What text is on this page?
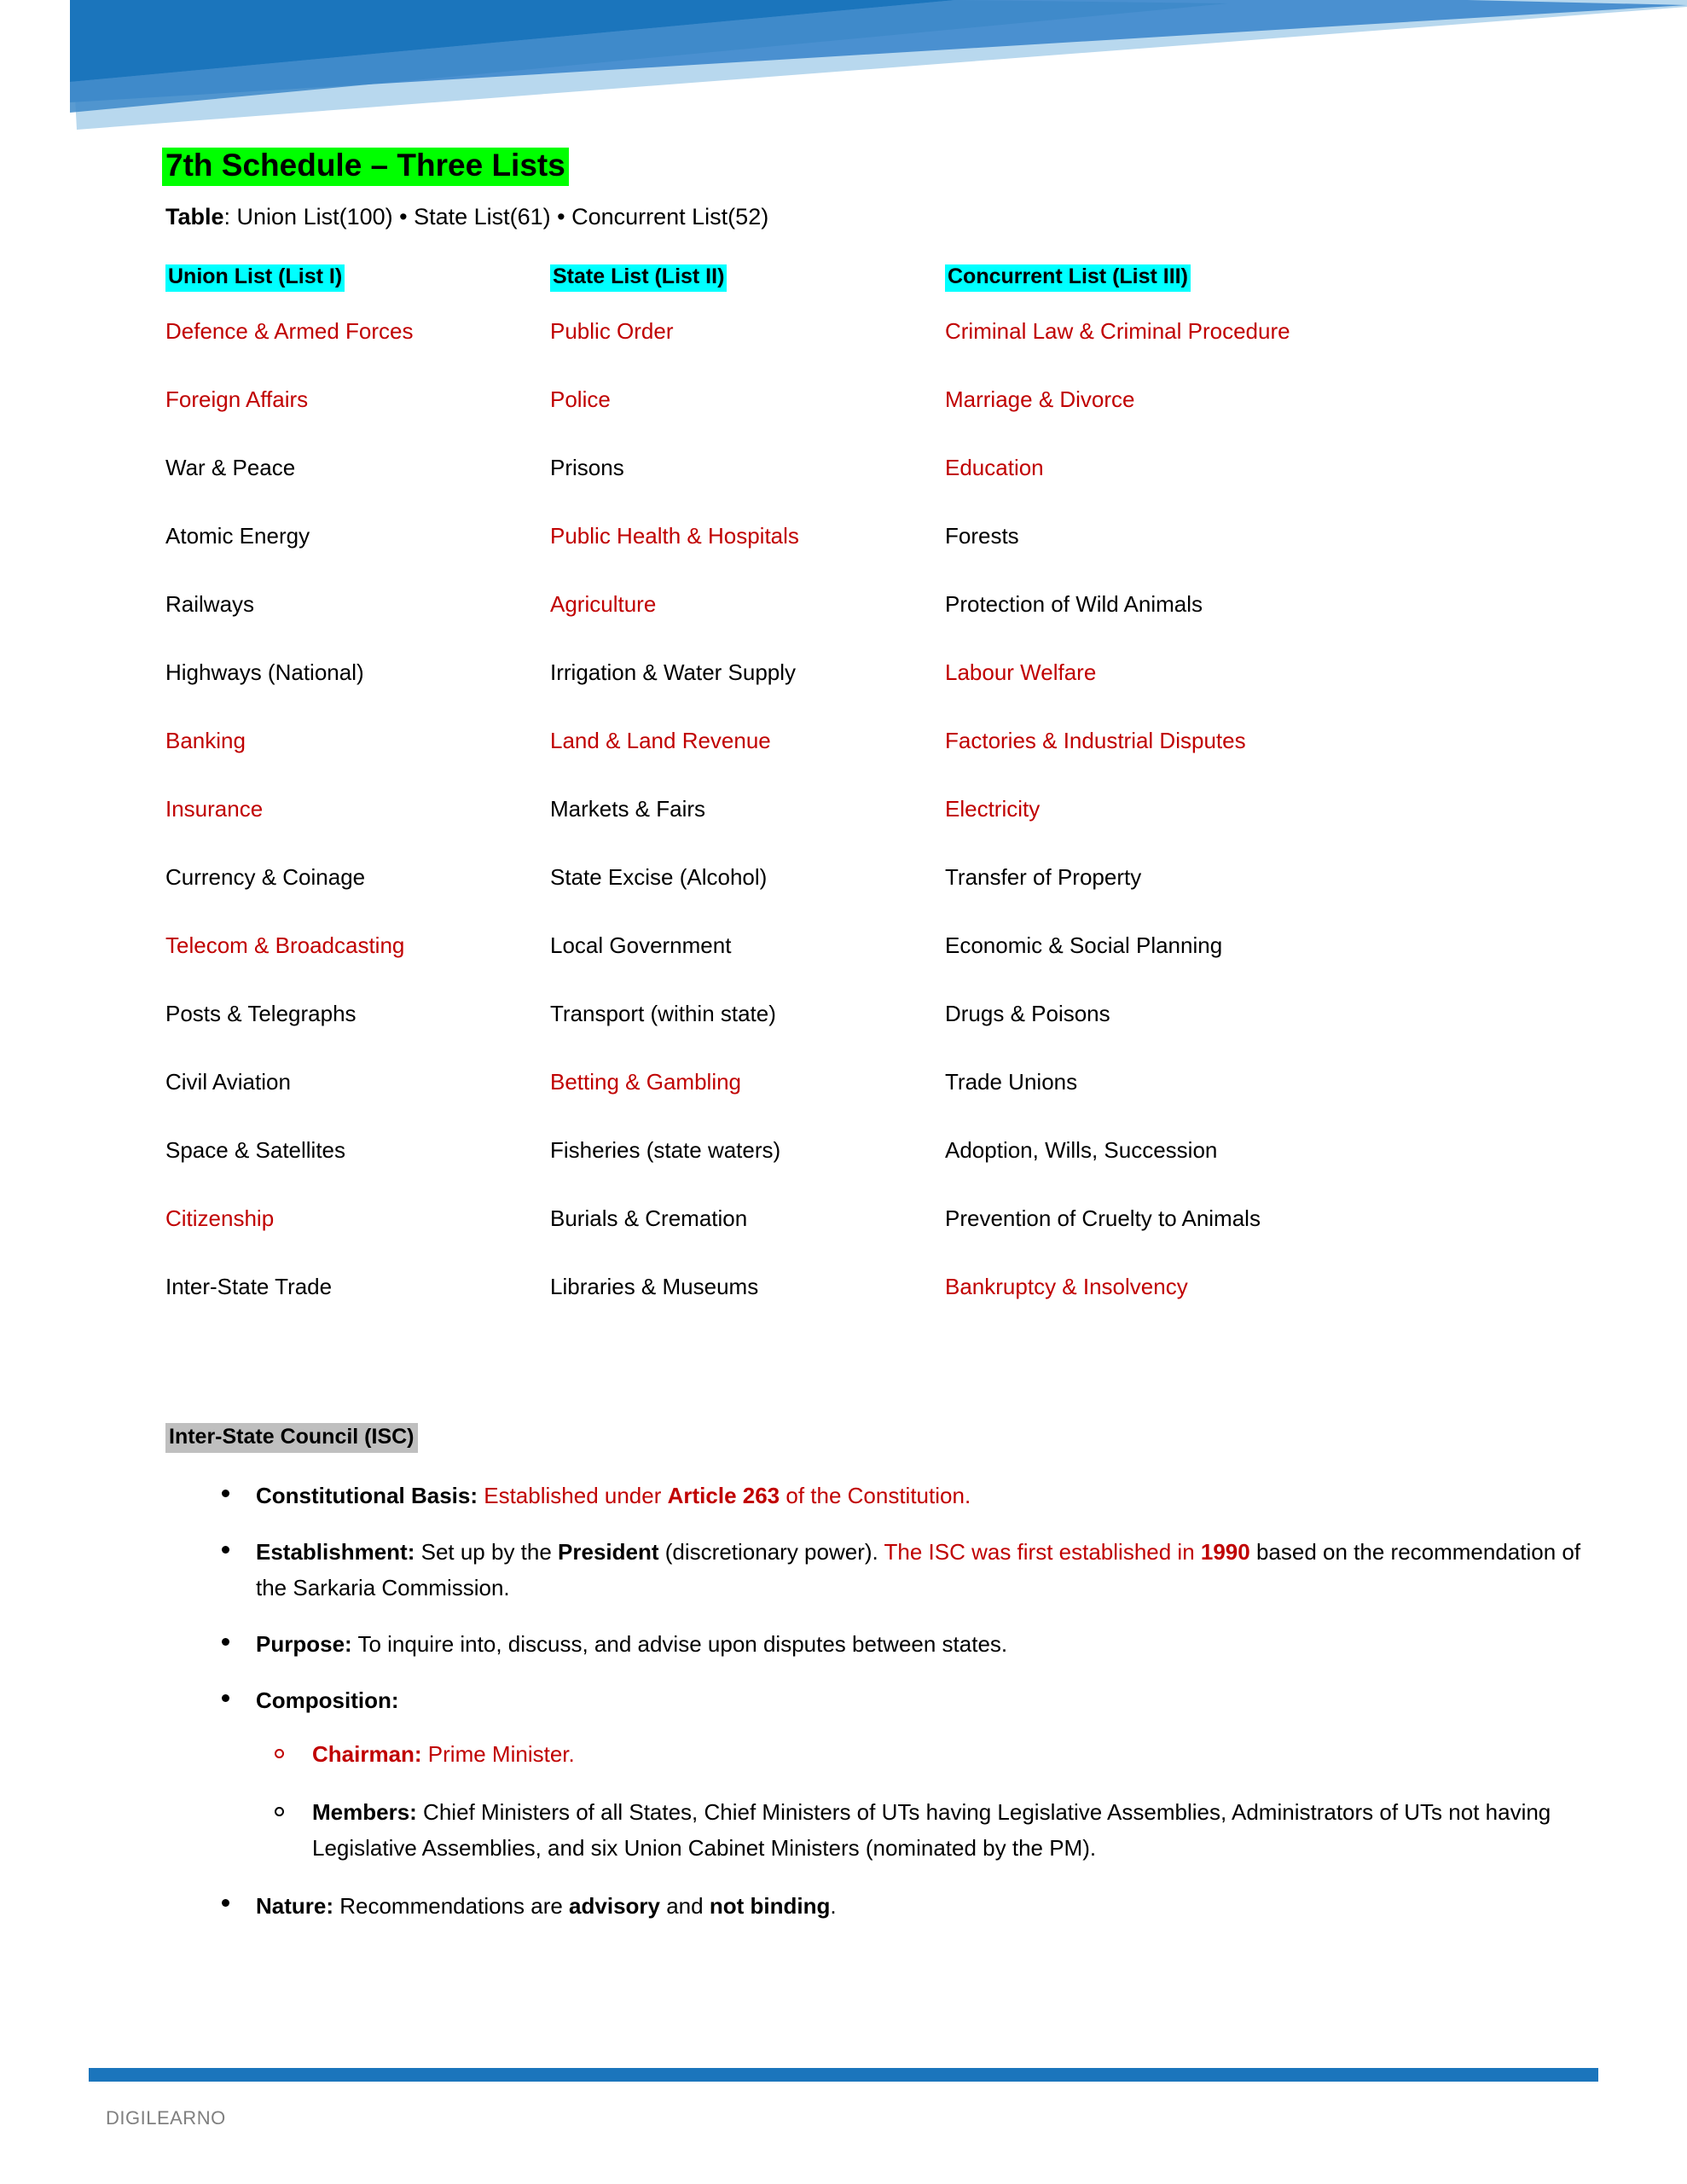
7th Schedule – Three Lists
Table: Union List(100) • State List(61) • Concurrent List(52)
Union List (List I)
Defence & Armed Forces
Foreign Affairs
War & Peace
Atomic Energy
Railways
Highways (National)
Banking
Insurance
Currency & Coinage
Telecom & Broadcasting
Posts & Telegraphs
Civil Aviation
Space & Satellites
Citizenship
Inter-State Trade
State List (List II)
Public Order
Police
Prisons
Public Health & Hospitals
Agriculture
Irrigation & Water Supply
Land & Land Revenue
Markets & Fairs
State Excise (Alcohol)
Local Government
Transport (within state)
Betting & Gambling
Fisheries (state waters)
Burials & Cremation
Libraries & Museums
Concurrent List (List III)
Criminal Law & Criminal Procedure
Marriage & Divorce
Education
Forests
Protection of Wild Animals
Labour Welfare
Factories & Industrial Disputes
Electricity
Transfer of Property
Economic & Social Planning
Drugs & Poisons
Trade Unions
Adoption, Wills, Succession
Prevention of Cruelty to Animals
Bankruptcy & Insolvency
Inter-State Council (ISC)
Constitutional Basis: Established under Article 263 of the Constitution.
Establishment: Set up by the President (discretionary power). The ISC was first established in 1990 based on the recommendation of the Sarkaria Commission.
Purpose: To inquire into, discuss, and advise upon disputes between states.
Composition:
Chairman: Prime Minister.
Members: Chief Ministers of all States, Chief Ministers of UTs having Legislative Assemblies, Administrators of UTs not having Legislative Assemblies, and six Union Cabinet Ministers (nominated by the PM).
Nature: Recommendations are advisory and not binding.
DIGILEARNO
